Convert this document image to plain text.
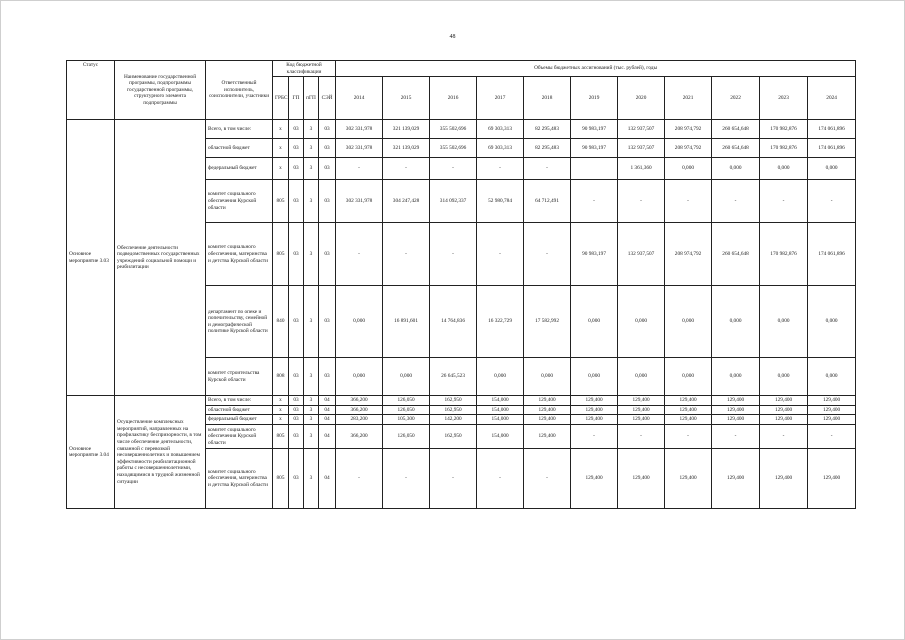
48
Статус	Наименование государственной программы, подпрограммы государственной программы, структурного элемента подпрограммы	Ответственный исполнитель, соисполнители, участники	Код бюджетной классификации				Объемы бюджетных ассигнований (тыс. рублей), годы										
			ГРБС	ГП	пГП	СЭЙ	2014	2015	2016	2017	2018	2019	2020	2021	2022	2023	2024
Основное мероприятие 3.03	Обеспечение деятельности подведомственных государственных учреждений социальной помощи и реабилитации	Всего, в том числе:	x	03	3	03	302 331,978	321 139,029	355 502,696	69 303,313	82 295,483	90 983,197	132 937,507	208 974,792	260 654,648	170 982,876	174 061,896
		областной бюджет	x	03	3	03	302 331,978	321 139,029	355 502,696	69 303,313	82 295,483	90 983,197	132 937,507	208 974,792	260 654,648	170 982,876	174 061,896
		федеральный бюджет	x	03	3	03	-	-	-	-	-		1 361,360	0,000	0,000	0,000	0,000
		комитет социального обеспечения Курской области	805	03	3	03	302 331,978	304 247,428	314 092,337	52 980,784	64 712,491	-	-	-	-	-	-
		комитет социального обеспечения, материнства и детства Курской области	805	03	3	03	-	-	-	-	-	90 983,197	132 937,507	208 974,792	260 654,648	170 982,876	174 061,896
		департамент по опеке и попечительству, семейной и демографической политике Курской области	840	03	3	03	0,000	16 891,601	14 764,836	16 322,729	17 582,992	0,000	0,000	0,000	0,000	0,000	0,000
		комитет строительства Курской области	808	03	3	03	0,000	0,000	26 645,523	0,000	0,000	0,000	0,000	0,000	0,000	0,000	0,000
Основное мероприятие 3.04	Осуществление комплексных мероприятий, направленных на профилактику беспризорности, в том числе обеспечение деятельности, связанной с перевозкой несовершеннолетних и повышением эффективности реабилитационной работы с несовершеннолетними, находящимися в трудной жизненной ситуации	Всего, в том числе:	x	03	3	04	366,200	126,050	162,950	154,000	129,400	129,400	129,400	129,400	129,400	129,400	129,400
		областной бюджет	x	03	3	04	366,200	126,050	162,950	154,000	129,400	129,400	129,400	129,400	129,400	129,400	129,400
		федеральный бюджет	x	03	3	04	283,200	105,300	142,200	154,000	129,400	129,400	129,400	129,400	129,400	129,400	129,400
		комитет социального обеспечения Курской области	805	03	3	04	366,200	126,050	162,950	154,000	129,400	-	-	-	-	-	-
		комитет социального обеспечения, материнства и детства Курской области	805	03	3	04	-	-	-	-	-	129,400	129,400	129,400	129,400	129,400	129,400
